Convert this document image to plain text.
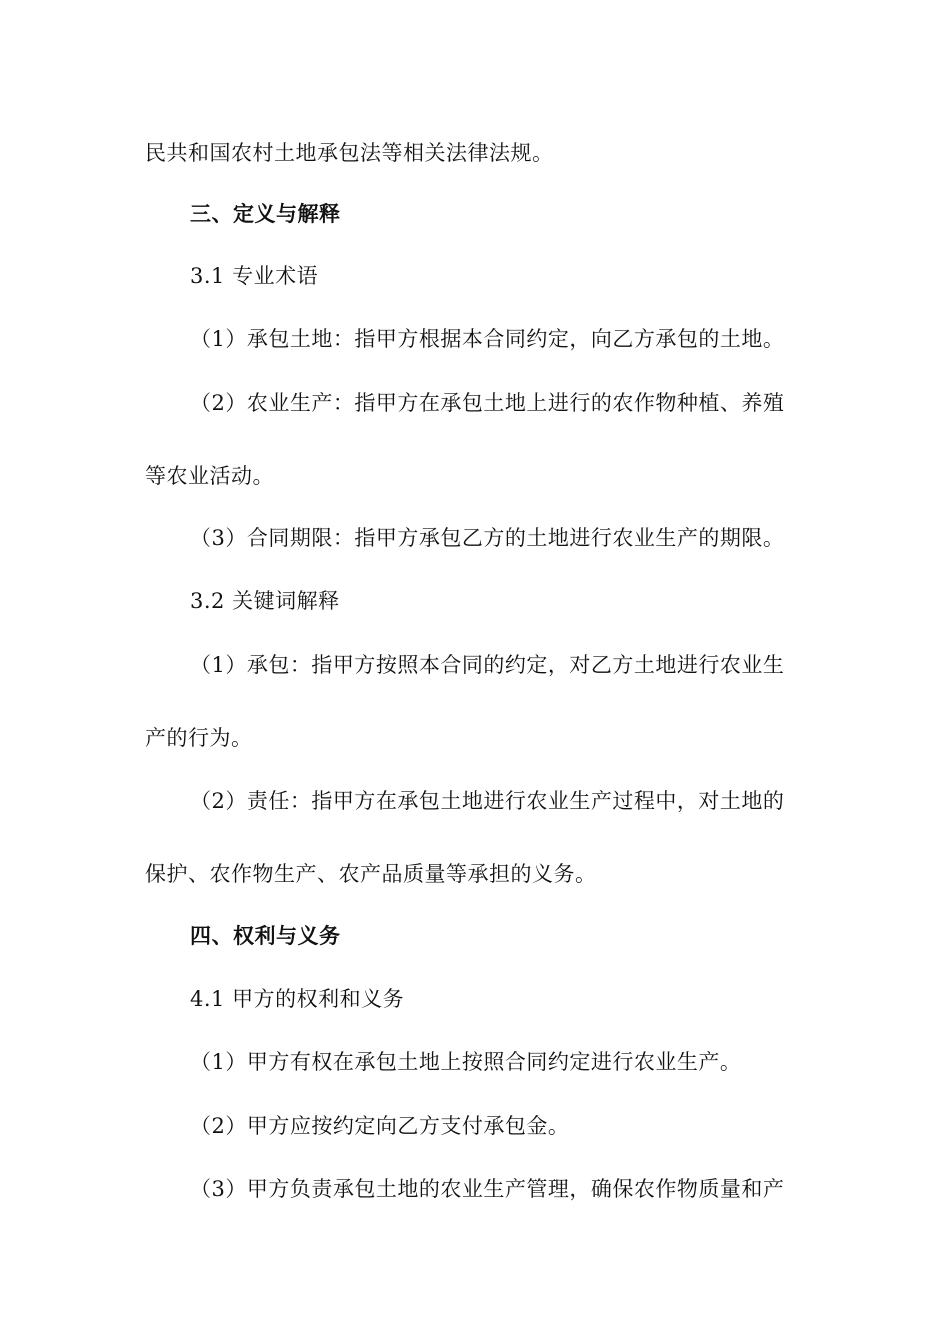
民共和国农村土地承包法等相关法律法规。
三、定义与解释
3.1 专业术语
（1）承包土地：指甲方根据本合同约定，向乙方承包的土地。
（2）农业生产：指甲方在承包土地上进行的农作物种植、养殖
等农业活动。
（3）合同期限：指甲方承包乙方的土地进行农业生产的期限。
3.2 关键词解释
（1）承包：指甲方按照本合同的约定，对乙方土地进行农业生
产的行为。
（2）责任：指甲方在承包土地进行农业生产过程中，对土地的
保护、农作物生产、农产品质量等承担的义务。
四、权利与义务
4.1 甲方的权利和义务
（1）甲方有权在承包土地上按照合同约定进行农业生产。
（2）甲方应按约定向乙方支付承包金。
（3）甲方负责承包土地的农业生产管理，确保农作物质量和产
